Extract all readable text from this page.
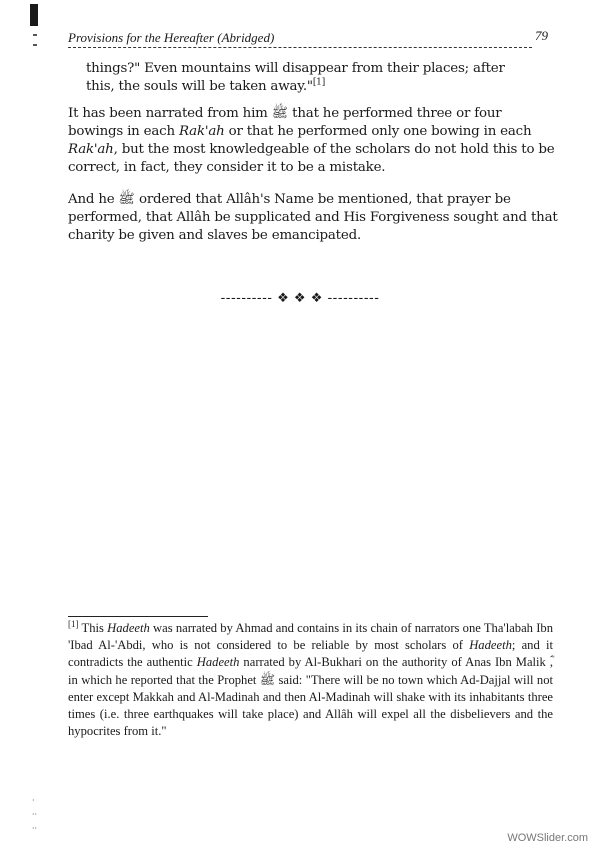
Provisions for the Hereafter (Abridged)	79

things?" Even mountains will disappear from their places; after
this, the souls will be taken away."[1]

It has been narrated from him ﷺ that he performed three or four bowings in each Rak'ah or that he performed only one bowing in each Rak'ah, but the most knowledgeable of the scholars do not hold this to be correct, in fact, they consider it to be a mistake.

And he ﷺ ordered that Allâh's Name be mentioned, that prayer be performed, that Allâh be supplicated and His Forgiveness sought and that charity be given and slaves be emancipated.

---------- ❖ ❖ ❖ ----------
[1] This Hadeeth was narrated by Ahmad and contains in its chain of narrators one Tha'labah Ibn 'Ibad Al-'Abdi, who is not considered to be reliable by most scholars of Hadeeth; and it contradicts the authentic Hadeeth narrated by Al-Bukhari on the authority of Anas Ibn Malik ؓ, in which he reported that the Prophet ﷺ said: "There will be no town which Ad-Dajjal will not enter except Makkah and Al-Madinah and then Al-Madinah will shake with its inhabitants three times (i.e. three earthquakes will take place) and Allâh will expel all the disbelievers and the hypocrites from it."
·
··
··
WOWSlider.com
